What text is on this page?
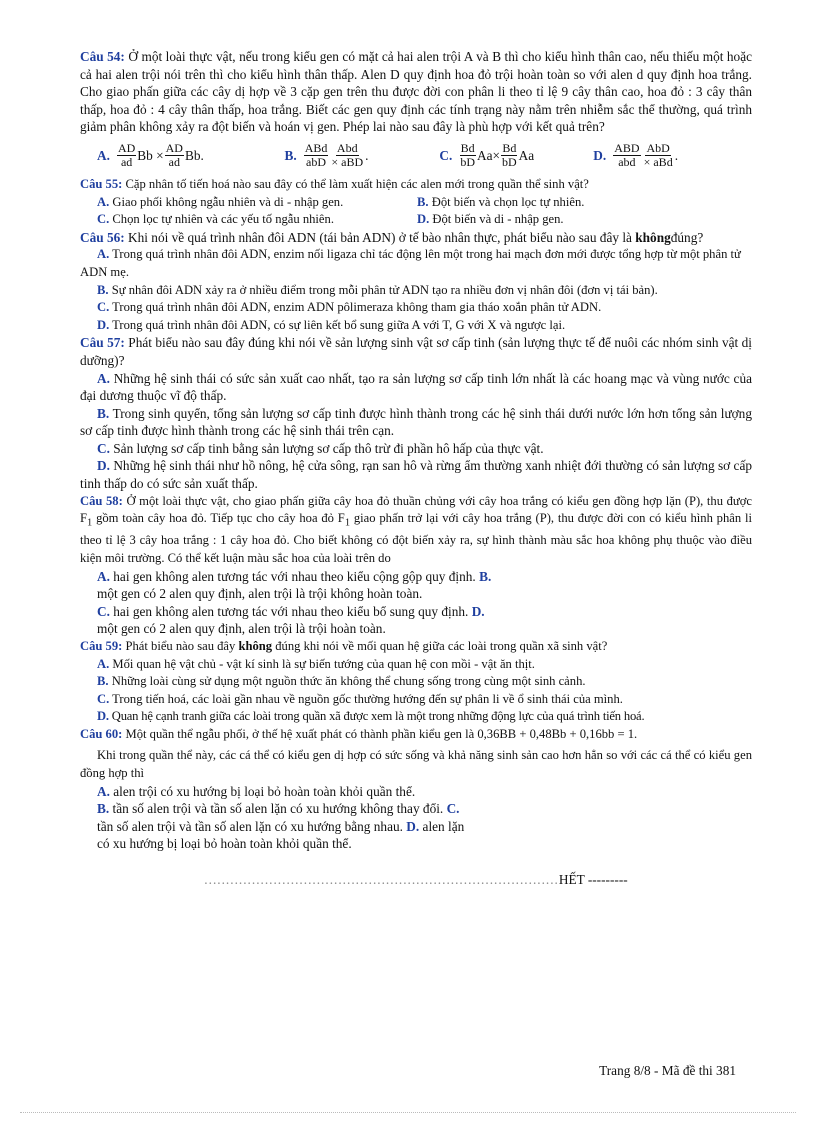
Câu 54: Ở một loài thực vật, nếu trong kiểu gen có mặt cả hai alen trội A và B thì cho kiểu hình thân cao, nếu thiếu một hoặc cả hai alen trội nói trên thì cho kiểu hình thân thấp. Alen D quy định hoa đỏ trội hoàn toàn so với alen d quy định hoa trắng. Cho giao phấn giữa các cây dị hợp về 3 cặp gen trên thu được đời con phân li theo tỉ lệ 9 cây thân cao, hoa đỏ : 3 cây thân thấp, hoa đỏ : 4 cây thân thấp, hoa trắng. Biết các gen quy định các tính trạng này nằm trên nhiễm sắc thể thường, quá trình giảm phân không xảy ra đột biến và hoán vị gen. Phép lai nào sau đây là phù hợp với kết quả trên?

A. AD
ad $Bb \times \frac{AD}{ad} Bb$.	B. ABd
abD
Abd
× aBD .	C. Bd
bD $Aa\times \frac{Bd}{bD}$ Aa	D. ABD
abd
AbD
× aBd .

Câu 55: Cặp nhân tố tiến hoá nào sau đây có thể làm xuất hiện các alen mới trong quần thể sinh vật?

A. Giao phối không ngẫu nhiên và di - nhập gen.	B. Đột biến và chọn lọc tự nhiên.
C. Chọn lọc tự nhiên và các yếu tố ngẫu nhiên.	D. Đột biến và di - nhập gen.

Câu 56: Khi nói về quá trình nhân đôi ADN (tái bản ADN) ở tế bào nhân thực, phát biểu nào sau đây là khôngđúng?

A. Trong quá trình nhân đôi ADN, enzim nối ligaza chỉ tác động lên một trong hai mạch đơn mới được tổng hợp từ một phân tử ADN mẹ.

B. Sự nhân đôi ADN xảy ra ở nhiều điểm trong mỗi phân tử ADN tạo ra nhiều đơn vị nhân đôi (đơn vị tái bản).

C. Trong quá trình nhân đôi ADN, enzim ADN pôlimeraza không tham gia tháo xoắn phân tử ADN.

D. Trong quá trình nhân đôi ADN, có sự liên kết bổ sung giữa A với T, G với X và ngược lại.

Câu 57: Phát biểu nào sau đây đúng khi nói về sản lượng sinh vật sơ cấp tinh (sản lượng thực tế để nuôi các nhóm sinh vật dị dưỡng)?

A. Những hệ sinh thái có sức sản xuất cao nhất, tạo ra sản lượng sơ cấp tinh lớn nhất là các hoang mạc và vùng nước của đại dương thuộc vĩ độ thấp.

B. Trong sinh quyển, tổng sản lượng sơ cấp tinh được hình thành trong các hệ sinh thái dưới nước lớn hơn tổng sản lượng sơ cấp tinh được hình thành trong các hệ sinh thái trên cạn.

C. Sản lượng sơ cấp tinh bằng sản lượng sơ cấp thô trừ đi phần hô hấp của thực vật.

D. Những hệ sinh thái như hồ nông, hệ cửa sông, rạn san hô và rừng ẩm thường xanh nhiệt đới thường có sản lượng sơ cấp tinh thấp do có sức sản xuất thấp.

Câu 58: Ở một loài thực vật, cho giao phấn giữa cây hoa đỏ thuần chủng với cây hoa trắng có kiểu gen đồng hợp lặn (P), thu được $F_1$ gồm toàn cây hoa đỏ. Tiếp tục cho cây hoa đỏ $F_1$ giao phấn trở lại với cây hoa trắng (P), thu được đời con có kiểu hình phân li theo tỉ lệ 3 cây hoa trắng : 1 cây hoa đỏ. Cho biết không có đột biến xảy ra, sự hình thành màu sắc hoa không phụ thuộc vào điều kiện môi trường. Có thể kết luận màu sắc hoa của loài trên do

A. hai gen không alen tương tác với nhau theo kiểu cộng gộp quy định. B.

một gen có 2 alen quy định, alen trội là trội không hoàn toàn.

C. hai gen không alen tương tác với nhau theo kiểu bổ sung quy định. D.

một gen có 2 alen quy định, alen trội là trội hoàn toàn.

Câu 59: Phát biểu nào sau đây không đúng khi nói về mối quan hệ giữa các loài trong quần xã sinh vật?

A. Mối quan hệ vật chủ - vật kí sinh là sự biến tướng của quan hệ con mồi - vật ăn thịt.

B. Những loài cùng sử dụng một nguồn thức ăn không thể chung sống trong cùng một sinh cảnh.

C. Trong tiến hoá, các loài gần nhau về nguồn gốc thường hướng đến sự phân li về ổ sinh thái của mình.

D. Quan hệ cạnh tranh giữa các loài trong quần xã được xem là một trong những động lực của quá trình tiến hoá.

Câu 60: Một quần thể ngẫu phối, ở thế hệ xuất phát có thành phần kiểu gen là 0,36BB + 0,48Bb + 0,16bb = 1.

Khi trong quần thể này, các cá thể có kiểu gen dị hợp có sức sống và khả năng sinh sản cao hơn hẳn so với các cá thể có kiểu gen đồng hợp thì

A. alen trội có xu hướng bị loại bỏ hoàn toàn khỏi quần thể.

B. tần số alen trội và tần số alen lặn có xu hướng không thay đổi. C.

tần số alen trội và tần số alen lặn có xu hướng bằng nhau. D. alen lặn

có xu hướng bị loại bỏ hoàn toàn khỏi quần thể.

..................................................................................HẾT ---------

Trang 8/8 - Mã đề thi 381
